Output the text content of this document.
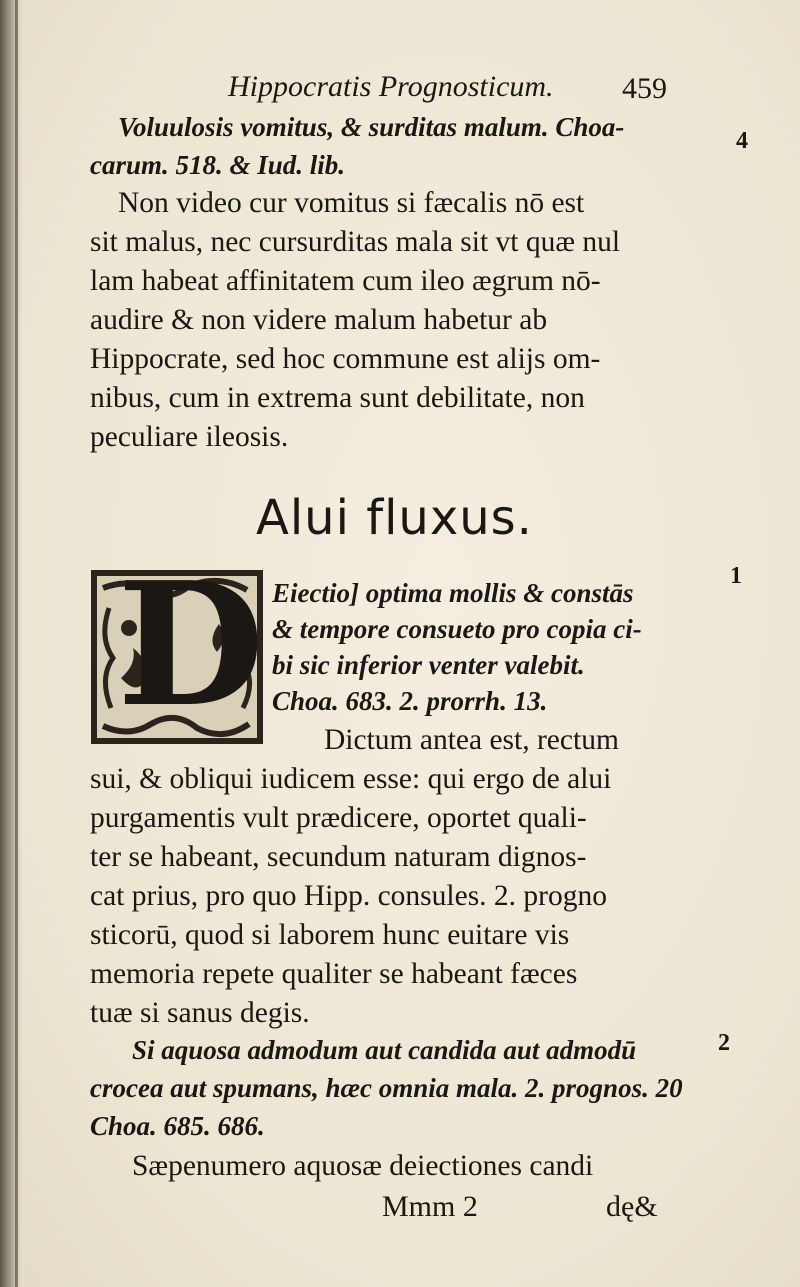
Hippocratis Prognosticum. 459
4
1
2
Voluulosis vomitus, & surditas malum. Choa-
carum. 518. & Iud. lib.
Non video cur vomitus si fæcalis nō est
sit malus, nec cursurditas mala sit vt quæ nul
lam habeat affinitatem cum ileo ægrum nō-
audire & non videre malum habetur ab
Hippocrate, sed hoc commune est alijs om-
nibus, cum in extrema sunt debilitate, non
peculiare ileosis.
Alui fluxus.
D Eiectio] optima mollis & constās
& tempore consueto pro copia ci-
bi sic inferior venter valebit.
Choa. 683. 2. prorrh. 13.
Dictum antea est, rectum
sui, & obliqui iudicem esse: qui ergo de alui
purgamentis vult prædicere, oportet quali-
ter se habeant, secundum naturam dignos-
cat prius, pro quo Hipp. consules. 2. progno
sticorū, quod si laborem hunc euitare vis
memoria repete qualiter se habeant fæces
tuæ si sanus degis.
Si aquosa admodum aut candida aut admodū
crocea aut spumans, hæc omnia mala. 2. prognos. 20
Choa. 685. 686.
Sæpenumero aquosæ deiectiones candi
Mmm 2	dę&
